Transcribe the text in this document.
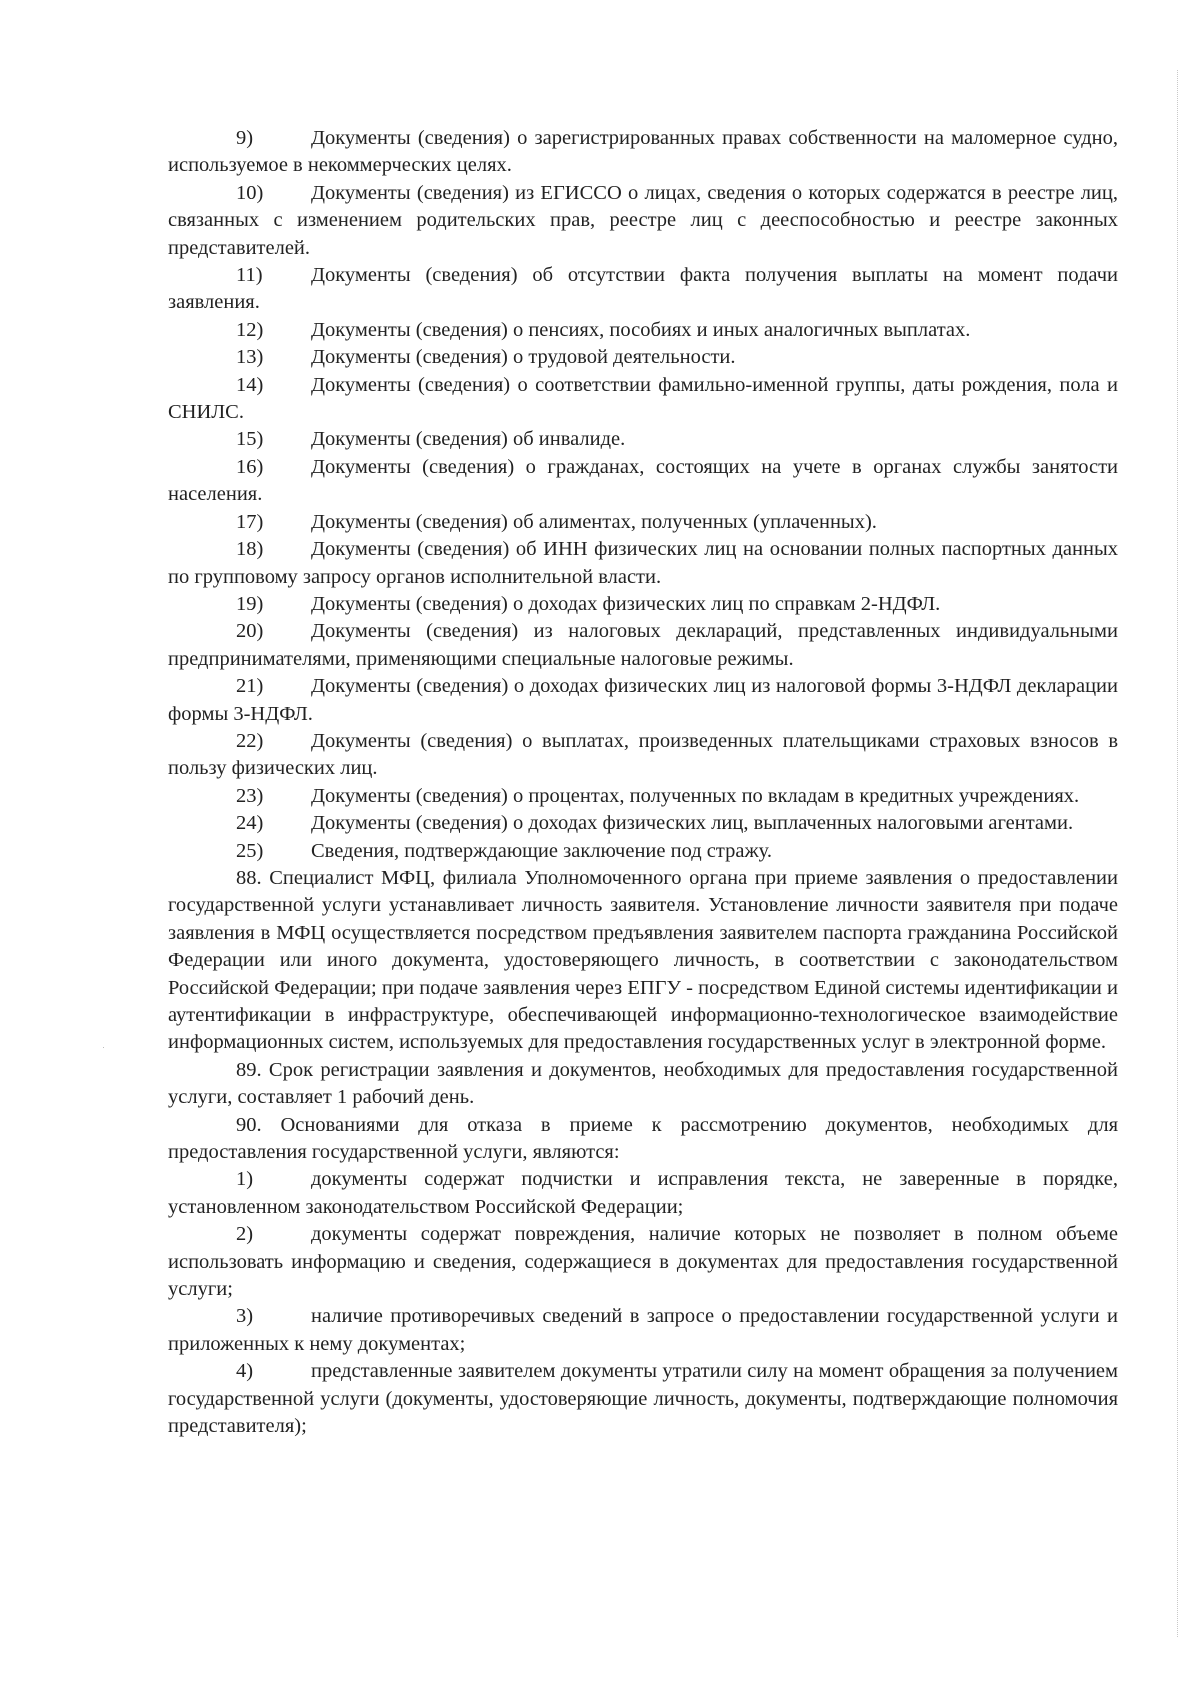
9)	Документы (сведения) о зарегистрированных правах собственности на маломерное судно, используемое в некоммерческих целях.

10) Документы (сведения) из ЕГИССО о лицах, сведения о которых содержатся в реестре лиц, связанных с изменением родительских прав, реестре лиц с дееспособностью и реестре законных представителей.

11) Документы (сведения) об отсутствии факта получения выплаты на момент подачи заявления.

12) Документы (сведения) о пенсиях, пособиях и иных аналогичных выплатах.

13) Документы (сведения) о трудовой деятельности.

14) Документы (сведения) о соответствии фамильно-именной группы, даты рождения, пола и СНИЛС.

15) Документы (сведения) об инвалиде.

16) Документы (сведения) о гражданах, состоящих на учете в органах службы занятости населения.

17) Документы (сведения) об алиментах, полученных (уплаченных).

18) Документы (сведения) об ИНН физических лиц на основании полных паспортных данных по групповому запросу органов исполнительной власти.

19) Документы (сведения) о доходах физических лиц по справкам 2-НДФЛ.

20) Документы (сведения) из налоговых деклараций, представленных индивидуальными предпринимателями, применяющими специальные налоговые режимы.

21) Документы (сведения) о доходах физических лиц из налоговой формы 3-НДФЛ декларации формы 3-НДФЛ.

22) Документы (сведения) о выплатах, произведенных плательщиками страховых взносов в пользу физических лиц.

23) Документы (сведения) о процентах, полученных по вкладам в кредитных учреждениях.

24) Документы (сведения) о доходах физических лиц, выплаченных налоговыми агентами.

25) Сведения, подтверждающие заключение под стражу.

88. Специалист МФЦ, филиала Уполномоченного органа при приеме заявления о предоставлении государственной услуги устанавливает личность заявителя. Установление личности заявителя при подаче заявления в МФЦ осуществляется посредством предъявления заявителем паспорта гражданина Российской Федерации или иного документа, удостоверяющего личность, в соответствии с законодательством Российской Федерации; при подаче заявления через ЕПГУ - посредством Единой системы идентификации и аутентификации в инфраструктуре, обеспечивающей информационно-технологическое взаимодействие информационных систем, используемых для предоставления государственных услуг в электронной форме.

89. Срок регистрации заявления и документов, необходимых для предоставления государственной услуги, составляет 1 рабочий день.

90. Основаниями для отказа в приеме к рассмотрению документов, необходимых для предоставления государственной услуги, являются:

1)	документы содержат подчистки и исправления текста, не заверенные в порядке, установленном законодательством Российской Федерации;

2)	документы содержат повреждения, наличие которых не позволяет в полном объеме использовать информацию и сведения, содержащиеся в документах для предоставления государственной услуги;

3)	наличие противоречивых сведений в запросе о предоставлении государственной услуги и приложенных к нему документах;

4)	представленные заявителем документы утратили силу на момент обращения за получением государственной услуги (документы, удостоверяющие личность, документы, подтверждающие полномочия представителя);
